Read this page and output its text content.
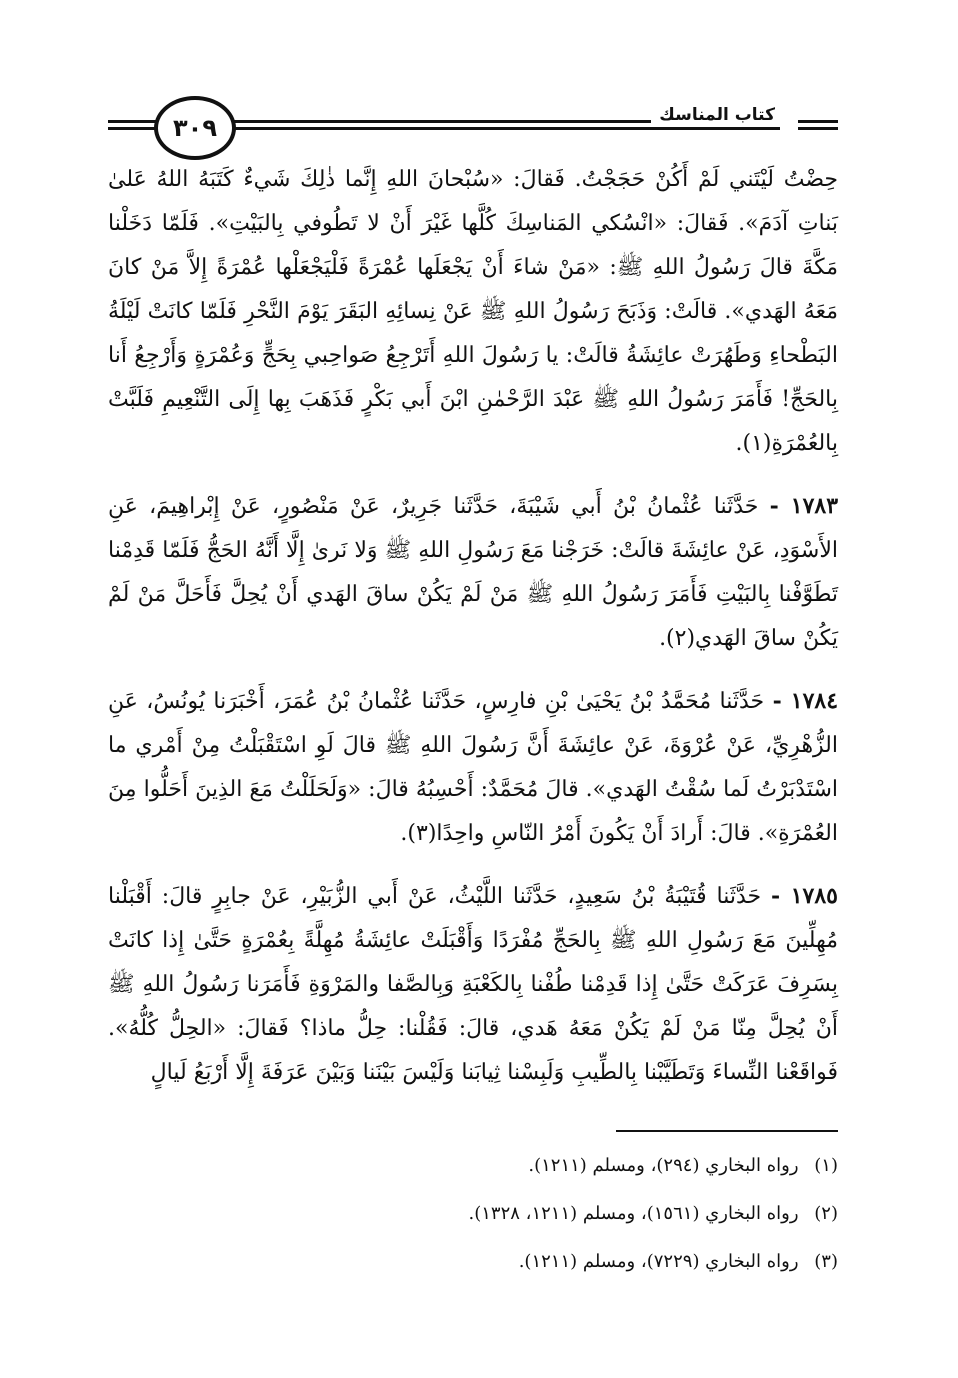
٣٠٩	كتاب المناسك

حِضْتُ لَيْتَني لَمْ أَكُنْ حَجَجْتُ. فَقالَ: «سُبْحانَ اللهِ إِنَّما ذٰلِكَ شَيءٌ كَتَبَهُ اللهُ عَلىٰ بَناتِ آدَمَ». فَقالَ: «انْسُكي المَناسِكَ كُلَّها غَيْرَ أَنْ لا تَطُوفي بِالبَيْتِ». فَلَمّا دَخَلْنا مَكَّةَ قالَ رَسُولُ اللهِ ﷺ: «مَنْ شاءَ أَنْ يَجْعَلَها عُمْرَةً فَلْيَجْعَلْها عُمْرَةً إِلاَّ مَنْ كانَ مَعَهُ الهَدي». قالَتْ: وَذَبَحَ رَسُولُ اللهِ ﷺ عَنْ نِسائِهِ البَقَرَ يَوْمَ النَّحْرِ فَلَمّا كانَتْ لَيْلَةُ البَطْحاءِ وَطَهُرَتْ عائِشَةُ قالَتْ: يا رَسُولَ اللهِ أَتَرْجِعُ صَواحِبي بِحَجٍّ وَعُمْرَةٍ وَأَرْجِعُ أَنا بِالحَجِّ! فَأَمَرَ رَسُولُ اللهِ ﷺ عَبْدَ الرَّحْمٰنِ ابْنَ أَبي بَكْرٍ فَذَهَبَ بِها إِلَى التَّنْعِيمِ فَلَبَّتْ بِالعُمْرَةِ(١).

١٧٨٣ - حَدَّثَنا عُثْمانُ بْنُ أَبي شَيْبَةَ، حَدَّثَنا جَرِيرٌ، عَنْ مَنْصُورٍ، عَنْ إِبْراهِيمَ، عَنِ الأَسْوَدِ، عَنْ عائِشَةَ قالَتْ: خَرَجْنا مَعَ رَسُولِ اللهِ ﷺ وَلا نَرىٰ إِلَّا أَنَّهُ الحَجُّ فَلَمّا قَدِمْنا تَطَوَّفْنا بِالبَيْتِ فَأَمَرَ رَسُولُ اللهِ ﷺ مَنْ لَمْ يَكُنْ ساقَ الهَدي أَنْ يُحِلَّ فَأَحَلَّ مَنْ لَمْ يَكُنْ ساقَ الهَدي(٢).

١٧٨٤ - حَدَّثَنا مُحَمَّدُ بْنُ يَحْيَىٰ بْنِ فارِسٍ، حَدَّثَنا عُثْمانُ بْنُ عُمَرَ، أَخْبَرَنا يُونُسُ، عَنِ الزُّهْرِيِّ، عَنْ عُرْوَةَ، عَنْ عائِشَةَ أَنَّ رَسُولَ اللهِ ﷺ قالَ لَوِ اسْتَقْبَلْتُ مِنْ أَمْري ما اسْتَدْبَرْتُ لَما سُقْتُ الهَدي». قالَ مُحَمَّدٌ: أَحْسِبُهُ قالَ: «وَلَحَلَلْتُ مَعَ الذِينَ أَحَلُّوا مِنَ العُمْرَةِ». قالَ: أَرادَ أَنْ يَكُونَ أَمْرُ النّاسِ واحِدًا(٣).

١٧٨٥ - حَدَّثَنا قُتَيْبَةُ بْنُ سَعِيدٍ، حَدَّثَنا اللَّيْثُ، عَنْ أَبي الزُّبَيْرِ، عَنْ جابِرٍ قالَ: أَقْبَلْنا مُهِلِّينَ مَعَ رَسُولِ اللهِ ﷺ بِالحَجِّ مُفْرَدًا وَأَقْبَلَتْ عائِشَةُ مُهِلَّةً بِعُمْرَةٍ حَتَّىٰ إِذا كانَتْ بِسَرِفَ عَرَكَتْ حَتَّىٰ إِذا قَدِمْنا طُفْنا بِالكَعْبَةِ وَبِالصَّفا والمَرْوَةِ فَأَمَرَنا رَسُولُ اللهِ ﷺ أَنْ يُحِلَّ مِنّا مَنْ لَمْ يَكُنْ مَعَهُ هَدي، قالَ: فَقُلْنا: حِلُّ ماذا؟ فَقالَ: «الحِلُّ كُلُّهُ». فَواقَعْنا النِّساءَ وَتَطَيَّبْنا بِالطِّيبِ وَلَبِسْنا ثِيابَنا وَلَيْسَ بَيْنَنا وَبَيْنَ عَرَفَةَ إِلَّا أَرْبَعُ لَيالٍ

(١) رواه البخاري (٢٩٤)، ومسلم (١٢١١).
(٢) رواه البخاري (١٥٦١)، ومسلم (١٢١١، ١٣٢٨).
(٣) رواه البخاري (٧٢٢٩)، ومسلم (١٢١١).
